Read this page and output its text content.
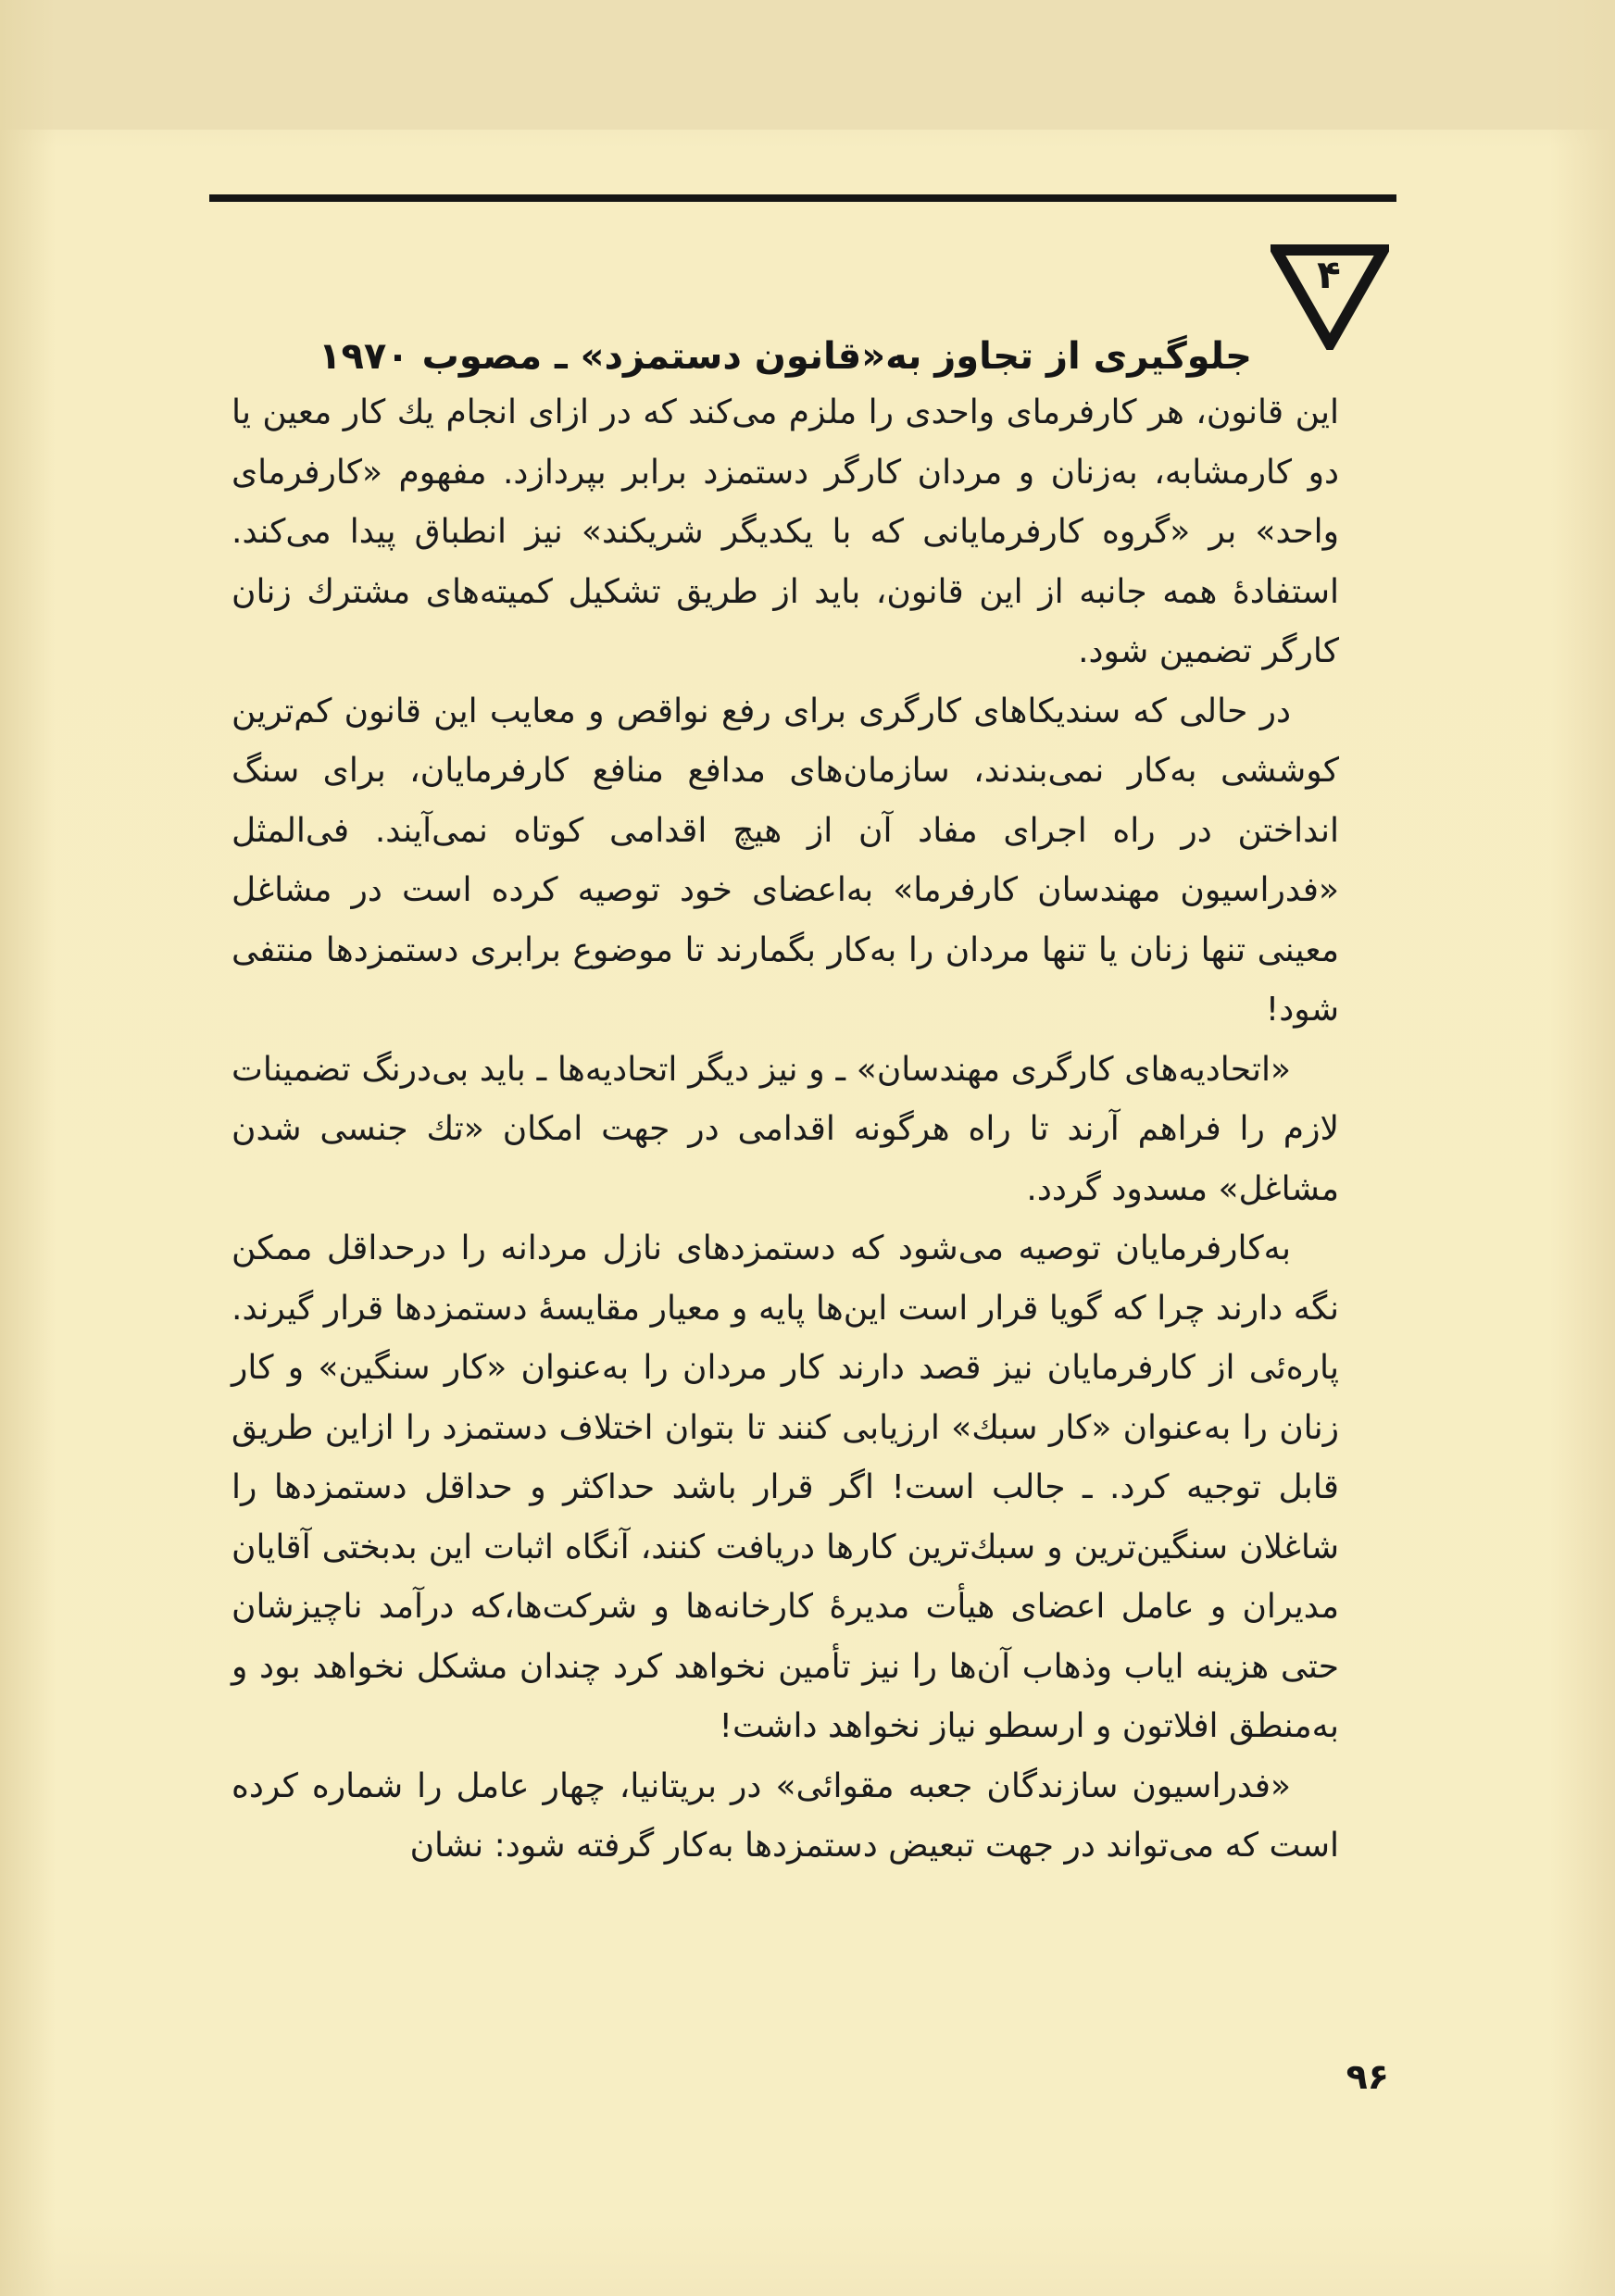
۴
جلوگیری از تجاوز به«قانون دستمزد» ـ مصوب ۱۹۷۰

این قانون، هر کارفرمای واحدی را ملزم می‌کند که در ازای انجام یك کار معین یا دو کارمشابه، به‌زنان و مردان کارگر دستمزد برابر بپردازد. مفهوم «کارفرمای واحد» بر «گروه کارفرمایانی که با یکدیگر شریکند» نیز انطباق پیدا می‌کند. استفادهٔ همه جانبه از این قانون، باید از طریق تشکیل کمیته‌های مشترك زنان کارگر تضمین شود.

در حالی که سندیکاهای کارگری برای رفع نواقص و معایب این قانون کم‌ترین کوششی به‌کار نمی‌بندند، سازمان‌های مدافع منافع کارفرمایان، برای سنگ انداختن در راه اجرای مفاد آن از هیچ اقدامی کوتاه نمی‌آیند. فی‌المثل «فدراسیون مهندسان کارفرما» به‌اعضای خود توصیه کرده است در مشاغل معینی تنها زنان یا تنها مردان را به‌کار بگمارند تا موضوع برابری دستمزدها منتفی شود!

«اتحادیه‌های کارگری مهندسان» ـ و نیز دیگر اتحادیه‌ها ـ باید بی‌درنگ تضمینات لازم را فراهم آرند تا راه هرگونه اقدامی در جهت امکان «تك جنسی شدن مشاغل» مسدود گردد.

به‌کارفرمایان توصیه می‌شود که دستمزدهای نازل مردانه را درحداقل ممکن نگه دارند چرا که گویا قرار است این‌ها پایه و معیار مقایسهٔ دستمزدها قرار گیرند. پاره‌ئی از کارفرمایان نیز قصد دارند کار مردان را به‌عنوان «کار سنگین» و کار زنان را به‌عنوان «کار سبك» ارزیابی کنند تا بتوان اختلاف دستمزد را ازاین طریق قابل توجیه کرد. ـ جالب است! اگر قرار باشد حداکثر و حداقل دستمزدها را شاغلان سنگین‌ترین و سبك‌ترین کارها دریافت کنند، آنگاه اثبات این بدبختی آقایان مدیران و عامل اعضای هیأت مدیرهٔ کارخانه‌ها و شرکت‌ها،که درآمد ناچیزشان حتی هزینه ایاب وذهاب آن‌ها را نیز تأمین نخواهد کرد چندان مشکل نخواهد بود و به‌منطق افلاتون و ارسطو نیاز نخواهد داشت!

«فدراسیون سازندگان جعبه مقوائی» در بریتانیا، چهار عامل را شماره کرده است که می‌تواند در جهت تبعیض دستمزدها به‌کار گرفته شود: نشان

۹۶
